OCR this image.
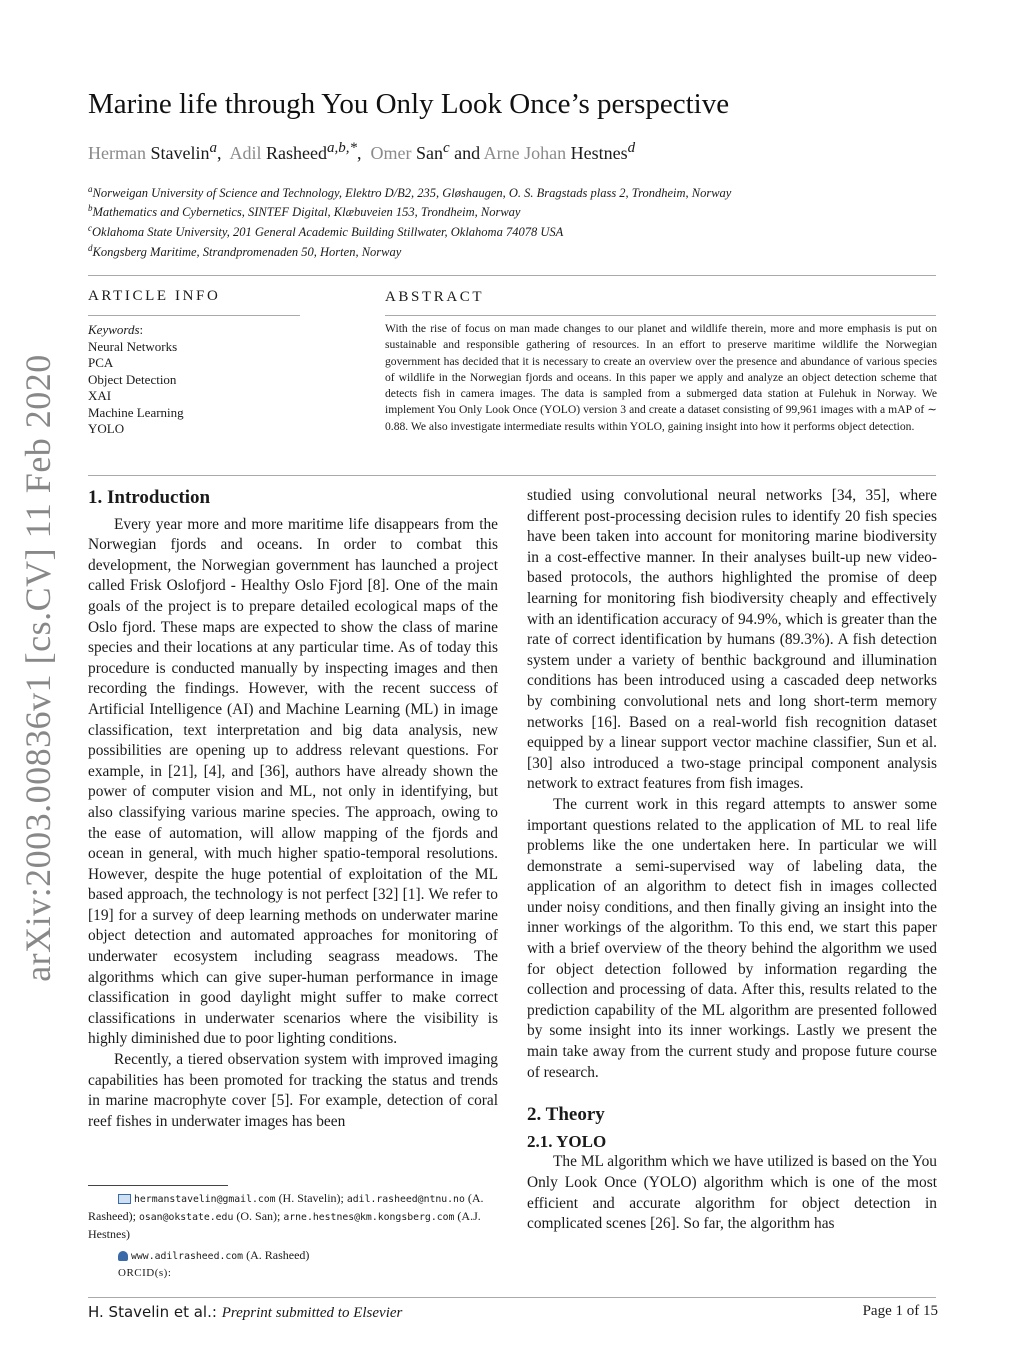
arXiv:2003.00836v1 [cs.CV] 11 Feb 2020
Marine life through You Only Look Once’s perspective
Herman Stavelin$^a$,  Adil Rasheed$^{a,b,*}$,  Omer San$^c$ and Arne Johan Hestnes$^d$
$^a$Norweigan University of Science and Technology, Elektro D/B2, 235, Gløshaugen, O. S. Bragstads plass 2, Trondheim, Norway
$^b$Mathematics and Cybernetics, SINTEF Digital, Klæbuveien 153, Trondheim, Norway
$^c$Oklahoma State University, 201 General Academic Building Stillwater, Oklahoma 74078 USA
$^d$Kongsberg Maritime, Strandpromenaden 50, Horten, Norway
ARTICLE INFO
Keywords:
Neural Networks
PCA
Object Detection
XAI
Machine Learning
YOLO
ABSTRACT
With the rise of focus on man made changes to our planet and wildlife therein, more and more emphasis is put on sustainable and responsible gathering of resources. In an effort to preserve maritime wildlife the Norwegian government has decided that it is necessary to create an overview over the presence and abundance of various species of wildlife in the Norwegian fjords and oceans. In this paper we apply and analyze an object detection scheme that detects fish in camera images. The data is sampled from a submerged data station at Fulehuk in Norway. We implement You Only Look Once (YOLO) version 3 and create a dataset consisting of 99,961 images with a mAP of ∼ 0.88. We also investigate intermediate results within YOLO, gaining insight into how it performs object detection.
1. Introduction

Every year more and more maritime life disappears from the Norwegian fjords and oceans. In order to combat this development, the Norwegian government has launched a project called Frisk Oslofjord - Healthy Oslo Fjord [8]. One of the main goals of the project is to prepare detailed ecological maps of the Oslo fjord. These maps are expected to show the class of marine species and their locations at any particular time. As of today this procedure is conducted manually by inspecting images and then recording the findings. However, with the recent success of Artificial Intelligence (AI) and Machine Learning (ML) in image classification, text interpretation and big data analysis, new possibilities are opening up to address relevant questions. For example, in [21], [4], and [36], authors have already shown the power of computer vision and ML, not only in identifying, but also classifying various marine species. The approach, owing to the ease of automation, will allow mapping of the fjords and ocean in general, with much higher spatio-temporal resolutions. However, despite the huge potential of exploitation of the ML based approach, the technology is not perfect [32] [1]. We refer to [19] for a survey of deep learning methods on underwater marine object detection and automated approaches for monitoring of underwater ecosystem including seagrass meadows. The algorithms which can give super-human performance in image classification in good daylight might suffer to make correct classifications in underwater scenarios where the visibility is highly diminished due to poor lighting conditions.

Recently, a tiered observation system with improved imaging capabilities has been promoted for tracking the status and trends in marine macrophyte cover [5]. For example, detection of coral reef fishes in underwater images has been

hermanstavelin@gmail.com (H. Stavelin); adil.rasheed@ntnu.no (A.
Rasheed); osan@okstate.edu (O. San); arne.hestnes@km.kongsberg.com (A.J.
Hestnes)
www.adilrasheed.com (A. Rasheed)
ORCID(s):

studied using convolutional neural networks [34, 35], where different post-processing decision rules to identify 20 fish species have been taken into account for monitoring marine biodiversity in a cost-effective manner. In their analyses built-up new video-based protocols, the authors highlighted the promise of deep learning for monitoring fish biodiversity cheaply and effectively with an identification accuracy of 94.9%, which is greater than the rate of correct identification by humans (89.3%). A fish detection system under a variety of benthic background and illumination conditions has been introduced using a cascaded deep networks by combining convolutional nets and long short-term memory networks [16]. Based on a real-world fish recognition dataset equipped by a linear support vector machine classifier, Sun et al.[30] also introduced a two-stage principal component analysis network to extract features from fish images.

The current work in this regard attempts to answer some important questions related to the application of ML to real life problems like the one undertaken here. In particular we will demonstrate a semi-supervised way of labeling data, the application of an algorithm to detect fish in images collected under noisy conditions, and then finally giving an insight into the inner workings of the algorithm. To this end, we start this paper with a brief overview of the theory behind the algorithm we used for object detection followed by information regarding the collection and processing of data. After this, results related to the prediction capability of the ML algorithm are presented followed by some insight into its inner workings. Lastly we present the main take away from the current study and propose future course of research.

2. Theory
2.1. YOLO

The ML algorithm which we have utilized is based on the You Only Look Once (YOLO) algorithm which is one of the most efficient and accurate algorithm for object detection in complicated scenes [26]. So far, the algorithm has

H. Stavelin et al.: Preprint submitted to Elsevier	Page 1 of 15
